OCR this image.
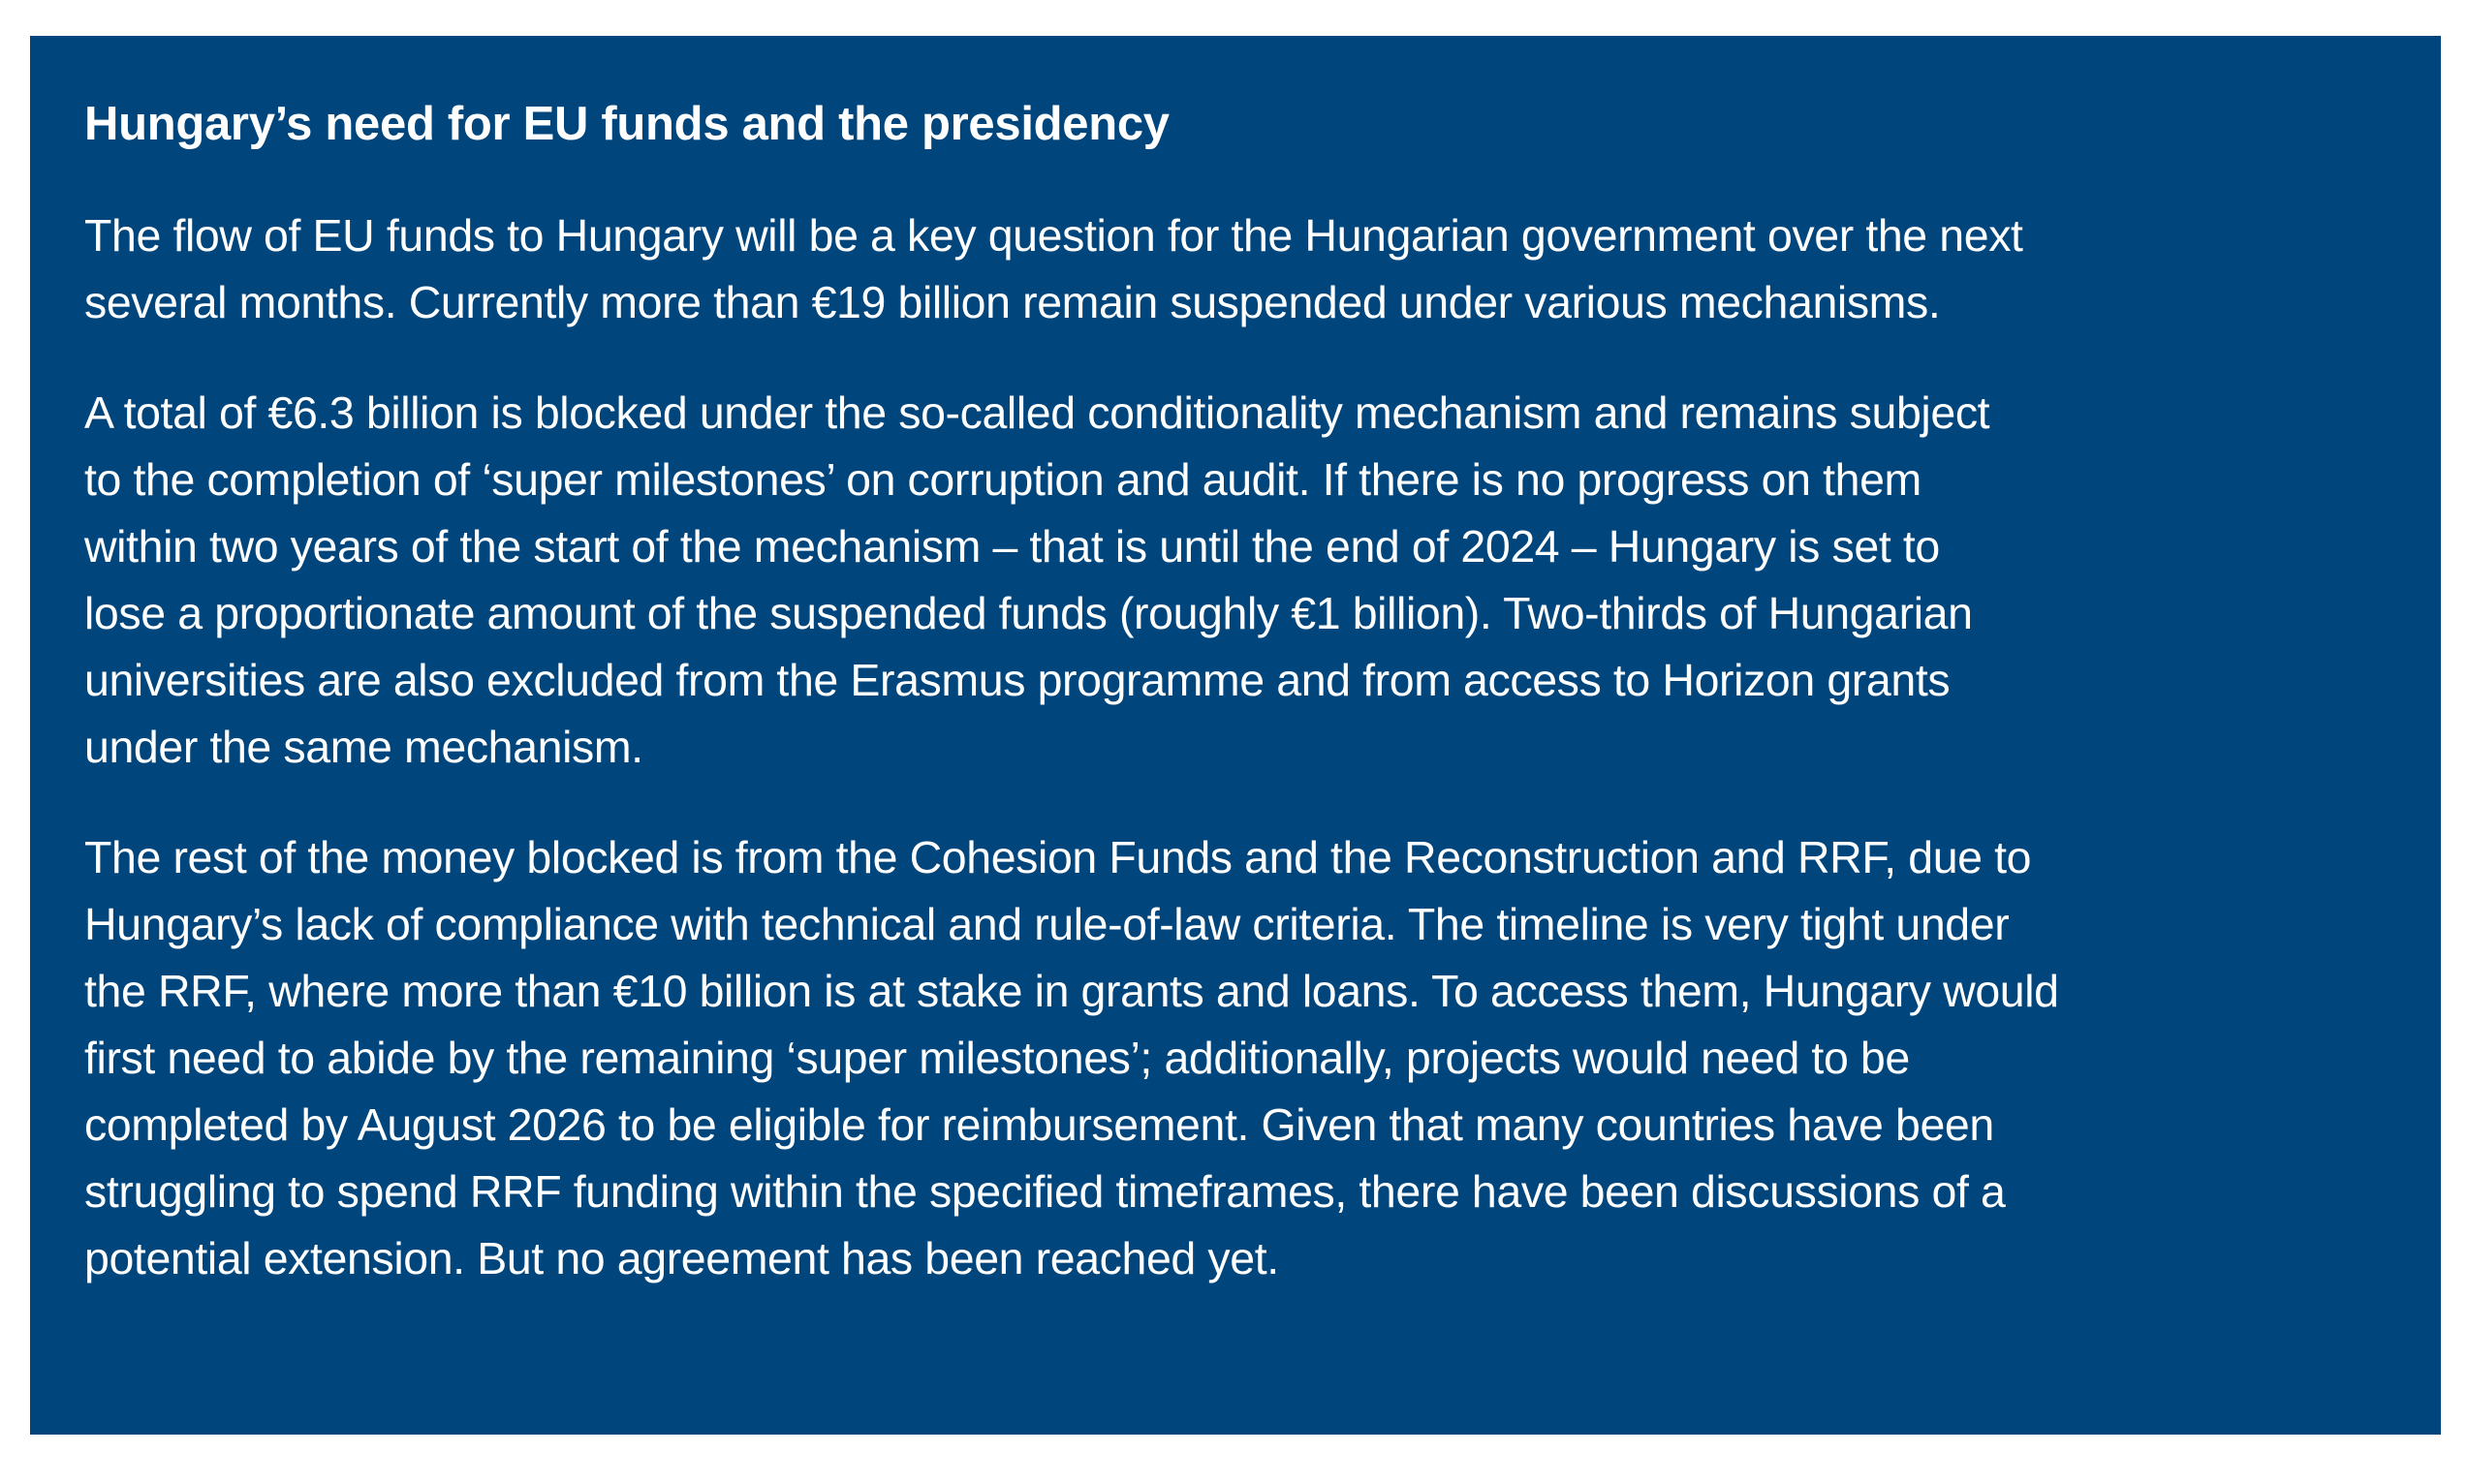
Hungary’s need for EU funds and the presidency

The flow of EU funds to Hungary will be a key question for the Hungarian government over the next
several months. Currently more than €19 billion remain suspended under various mechanisms.

A total of €6.3 billion is blocked under the so-called conditionality mechanism and remains subject
to the completion of ‘super milestones’ on corruption and audit. If there is no progress on them
within two years of the start of the mechanism – that is until the end of 2024 – Hungary is set to
lose a proportionate amount of the suspended funds (roughly €1 billion). Two-thirds of Hungarian
universities are also excluded from the Erasmus programme and from access to Horizon grants
under the same mechanism.

The rest of the money blocked is from the Cohesion Funds and the Reconstruction and RRF, due to
Hungary’s lack of compliance with technical and rule-of-law criteria. The timeline is very tight under
the RRF, where more than €10 billion is at stake in grants and loans. To access them, Hungary would
first need to abide by the remaining ‘super milestones’; additionally, projects would need to be
completed by August 2026 to be eligible for reimbursement. Given that many countries have been
struggling to spend RRF funding within the specified timeframes, there have been discussions of a
potential extension. But no agreement has been reached yet.
